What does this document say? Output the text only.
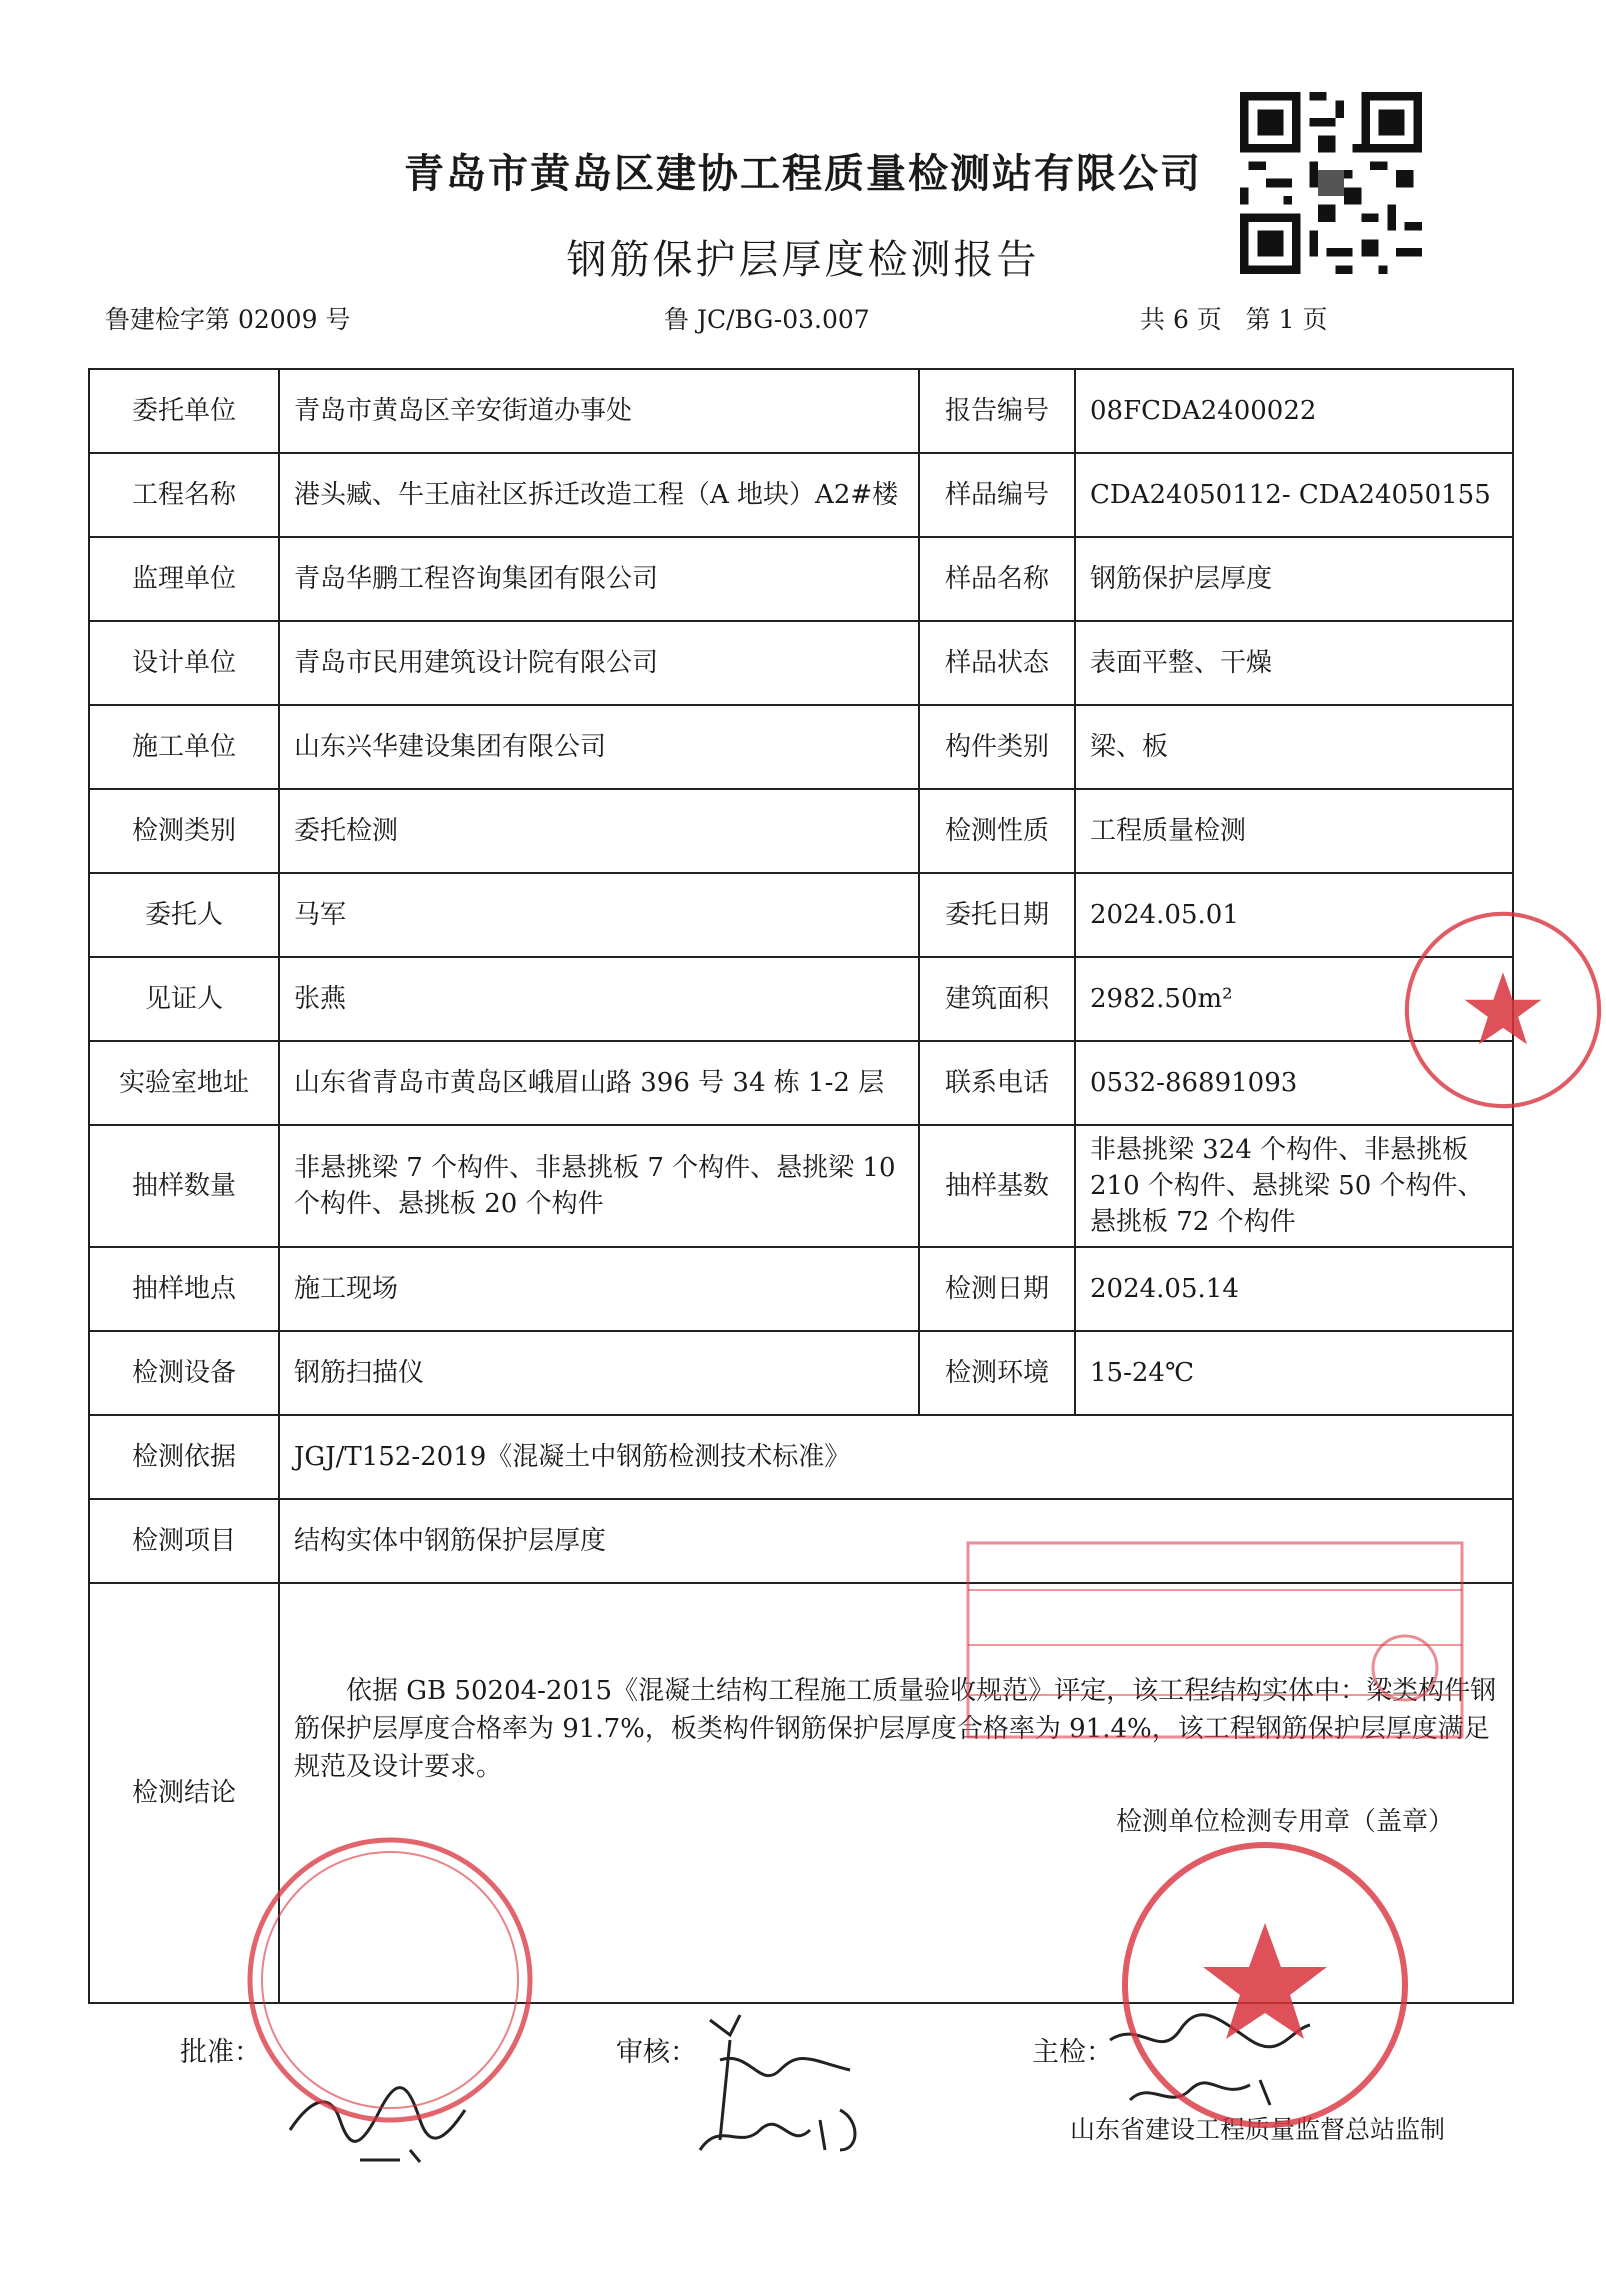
青岛市黄岛区建协工程质量检测站有限公司
钢筋保护层厚度检测报告
鲁建检字第 02009 号	鲁 JC/BG-03.007	共 6 页   第 1 页
委托单位	青岛市黄岛区辛安街道办事处	报告编号	08FCDA2400022
工程名称	港头臧、牛王庙社区拆迁改造工程（A 地块）A2#楼	样品编号	CDA24050112- CDA24050155
监理单位	青岛华鹏工程咨询集团有限公司	样品名称	钢筋保护层厚度
设计单位	青岛市民用建筑设计院有限公司	样品状态	表面平整、干燥
施工单位	山东兴华建设集团有限公司	构件类别	梁、板
检测类别	委托检测	检测性质	工程质量检测
委托人	马军	委托日期	2024.05.01
见证人	张燕	建筑面积	2982.50m²
实验室地址	山东省青岛市黄岛区峨眉山路 396 号 34 栋 1-2 层	联系电话	0532-86891093
抽样数量	非悬挑梁 7 个构件、非悬挑板 7 个构件、悬挑梁 10 个构件、悬挑板 20 个构件	抽样基数	非悬挑梁 324 个构件、非悬挑板 210 个构件、悬挑梁 50 个构件、悬挑板 72 个构件
抽样地点	施工现场	检测日期	2024.05.14
检测设备	钢筋扫描仪	检测环境	15-24℃
检测依据	JGJ/T152-2019《混凝土中钢筋检测技术标准》		
检测项目	结构实体中钢筋保护层厚度		
检测结论	依据 GB 50204-2015《混凝土结构工程施工质量验收规范》评定，该工程结构实体中：梁类构件钢筋保护层厚度合格率为 91.7%，板类构件钢筋保护层厚度合格率为 91.4%，该工程钢筋保护层厚度满足规范及设计要求。
检测单位检测专用章（盖章）		
批准：	审核：	主检：
山东省建设工程质量监督总站监制
